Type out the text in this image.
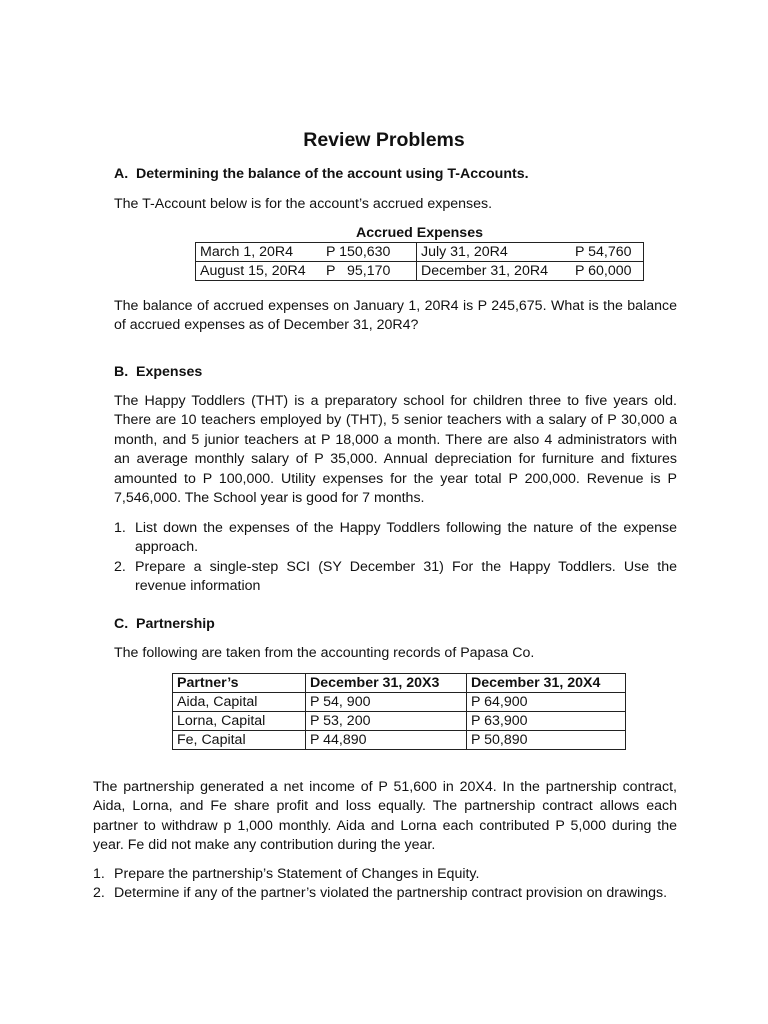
Review Problems
A. Determining the balance of the account using T-Accounts.
The T-Account below is for the account’s accrued expenses.
Accrued Expenses
March 1, 20R4	P 150,630	July 31, 20R4	P 54,760
August 15, 20R4	P   95,170	December 31, 20R4	P 60,000
The balance of accrued expenses on January 1, 20R4 is P 245,675. What is the balance of accrued expenses as of December 31, 20R4?
B. Expenses
The Happy Toddlers (THT) is a preparatory school for children three to five years old. There are 10 teachers employed by (THT), 5 senior teachers with a salary of P 30,000 a month, and 5 junior teachers at P 18,000 a month. There are also 4 administrators with an average monthly salary of P 35,000. Annual depreciation for furniture and fixtures amounted to P 100,000. Utility expenses for the year total P 200,000. Revenue is P 7,546,000. The School year is good for 7 months.
1. List down the expenses of the Happy Toddlers following the nature of the expense approach.
2. Prepare a single-step SCI (SY December 31) For the Happy Toddlers. Use the revenue information
C. Partnership
The following are taken from the accounting records of Papasa Co.
Partner’s	December 31, 20X3	December 31, 20X4
Aida, Capital	P 54, 900	P 64,900
Lorna, Capital	P 53, 200	P 63,900
Fe, Capital	P 44,890	P 50,890
The partnership generated a net income of P 51,600 in 20X4. In the partnership contract, Aida, Lorna, and Fe share profit and loss equally. The partnership contract allows each partner to withdraw p 1,000 monthly. Aida and Lorna each contributed P 5,000 during the year. Fe did not make any contribution during the year.
1. Prepare the partnership’s Statement of Changes in Equity.
2. Determine if any of the partner’s violated the partnership contract provision on drawings.
